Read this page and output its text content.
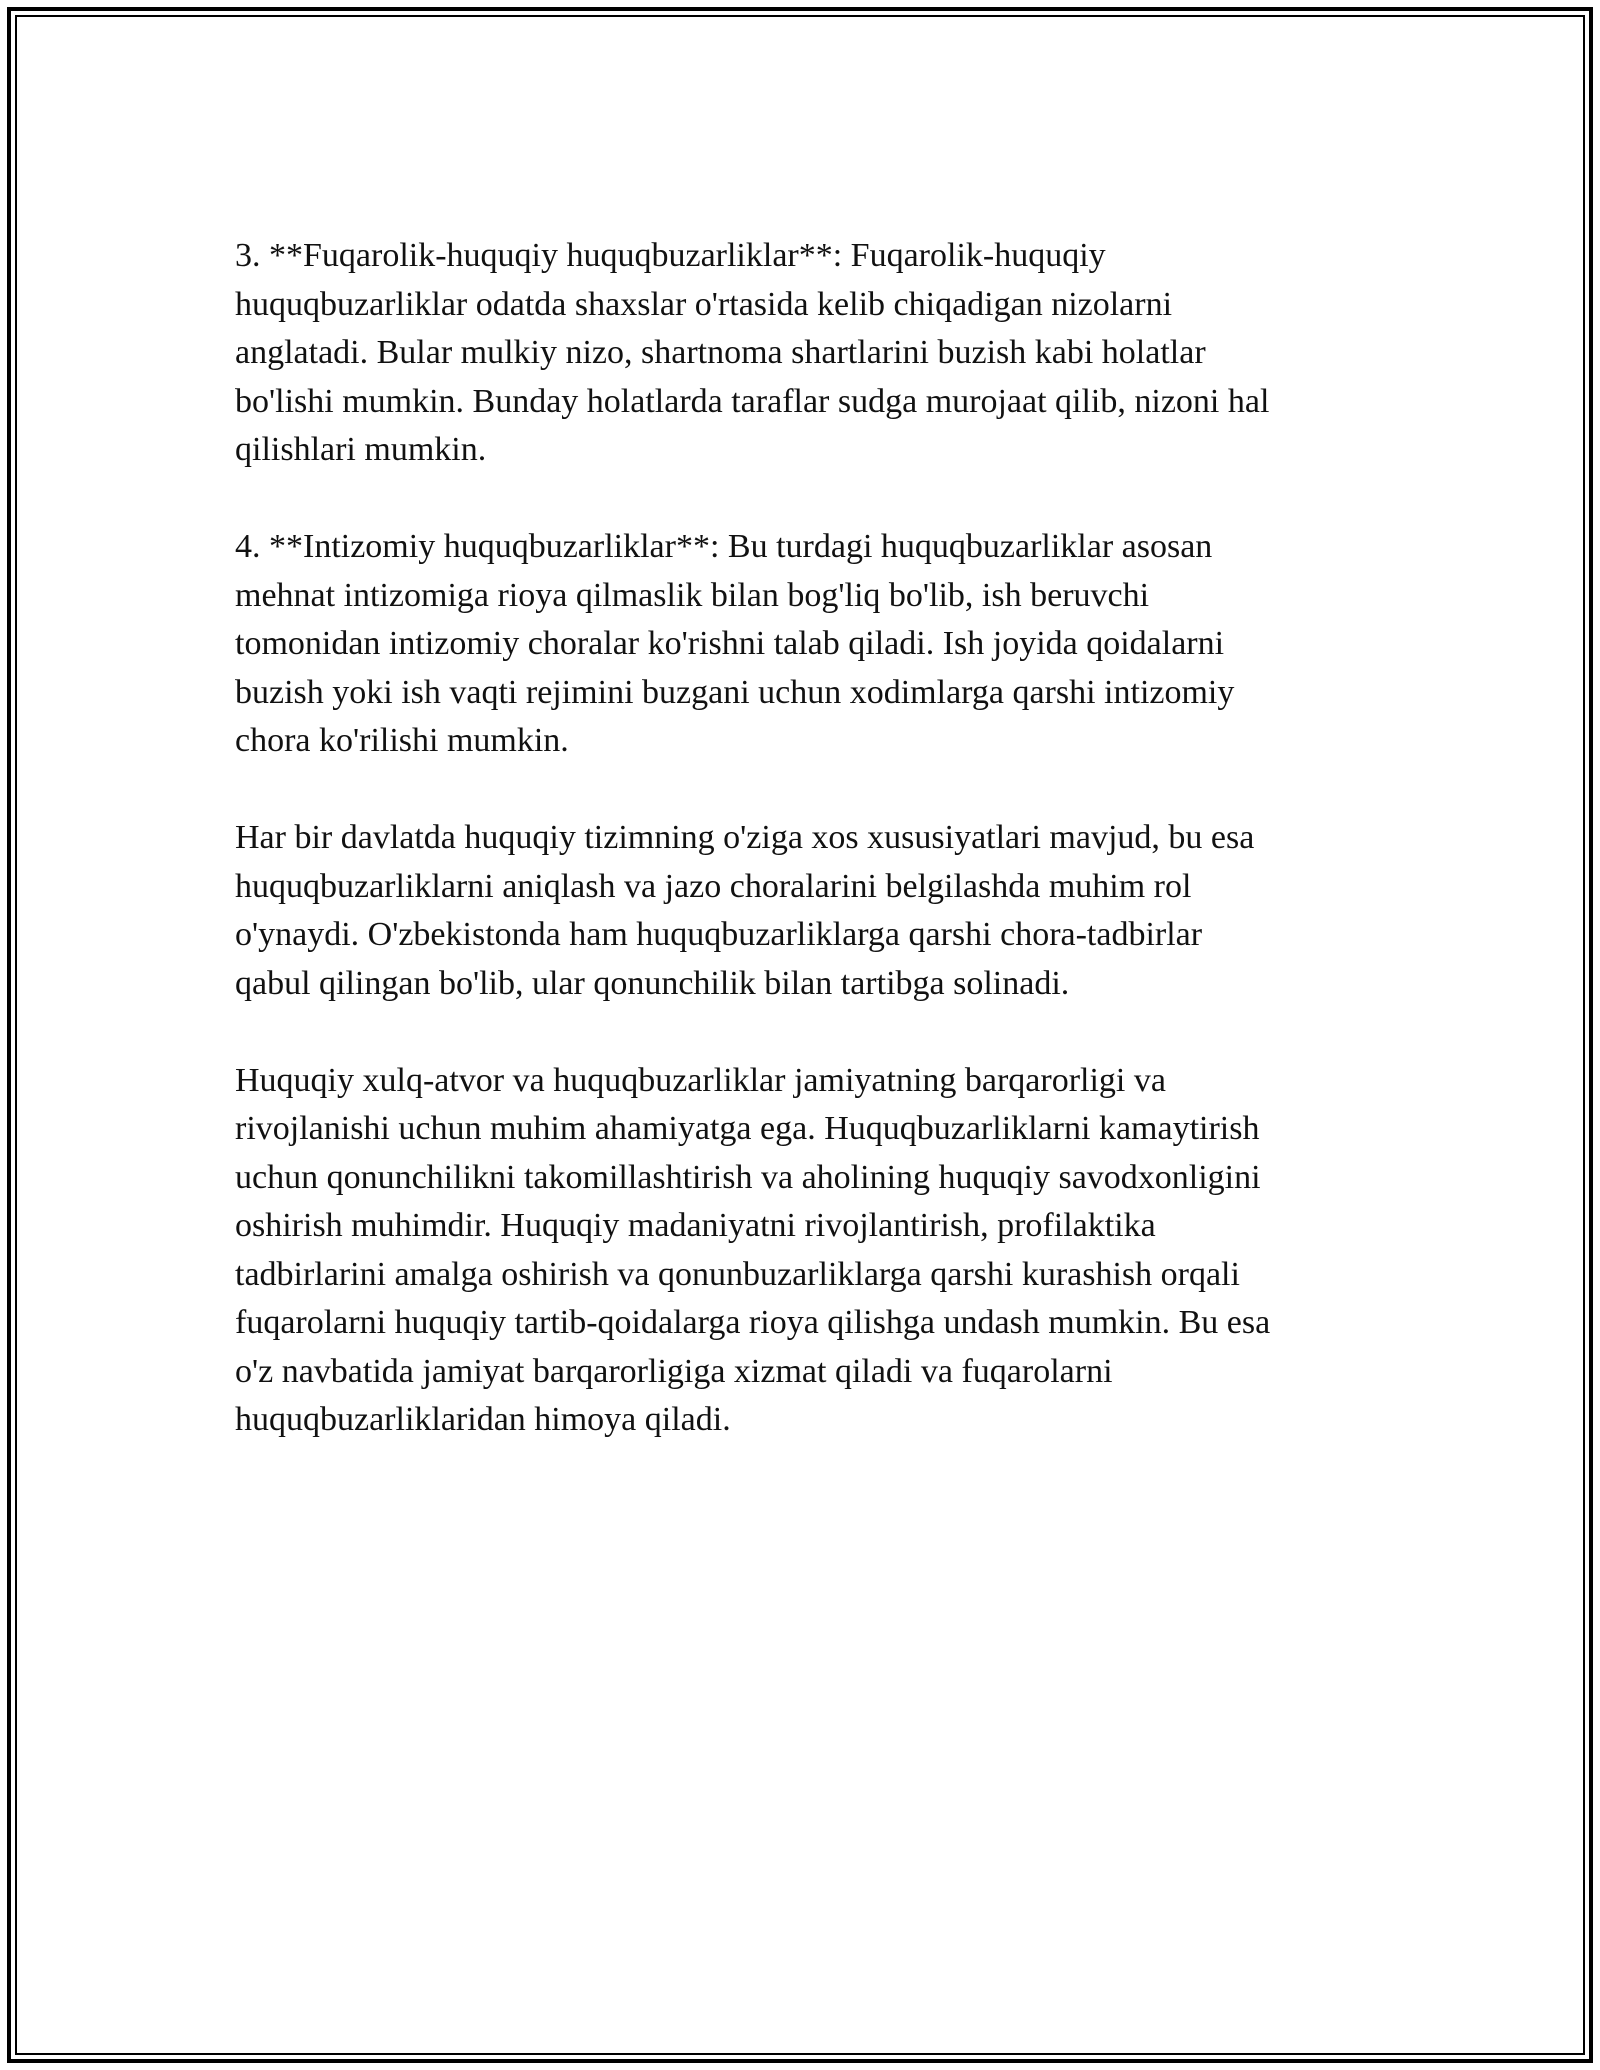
3. **Fuqarolik-huquqiy huquqbuzarliklar**: Fuqarolik-huquqiy
huquqbuzarliklar odatda shaxslar o'rtasida kelib chiqadigan nizolarni
anglatadi. Bular mulkiy nizo, shartnoma shartlarini buzish kabi holatlar
bo'lishi mumkin. Bunday holatlarda taraflar sudga murojaat qilib, nizoni hal
qilishlari mumkin.

4. **Intizomiy huquqbuzarliklar**: Bu turdagi huquqbuzarliklar asosan
mehnat intizomiga rioya qilmaslik bilan bog'liq bo'lib, ish beruvchi
tomonidan intizomiy choralar ko'rishni talab qiladi. Ish joyida qoidalarni
buzish yoki ish vaqti rejimini buzgani uchun xodimlarga qarshi intizomiy
chora ko'rilishi mumkin.

Har bir davlatda huquqiy tizimning o'ziga xos xususiyatlari mavjud, bu esa
huquqbuzarliklarni aniqlash va jazo choralarini belgilashda muhim rol
o'ynaydi. O'zbekistonda ham huquqbuzarliklarga qarshi chora-tadbirlar
qabul qilingan bo'lib, ular qonunchilik bilan tartibga solinadi.

Huquqiy xulq-atvor va huquqbuzarliklar jamiyatning barqarorligi va
rivojlanishi uchun muhim ahamiyatga ega. Huquqbuzarliklarni kamaytirish
uchun qonunchilikni takomillashtirish va aholining huquqiy savodxonligini
oshirish muhimdir. Huquqiy madaniyatni rivojlantirish, profilaktika
tadbirlarini amalga oshirish va qonunbuzarliklarga qarshi kurashish orqali
fuqarolarni huquqiy tartib-qoidalarga rioya qilishga undash mumkin. Bu esa
o'z navbatida jamiyat barqarorligiga xizmat qiladi va fuqarolarni
huquqbuzarliklaridan himoya qiladi.
